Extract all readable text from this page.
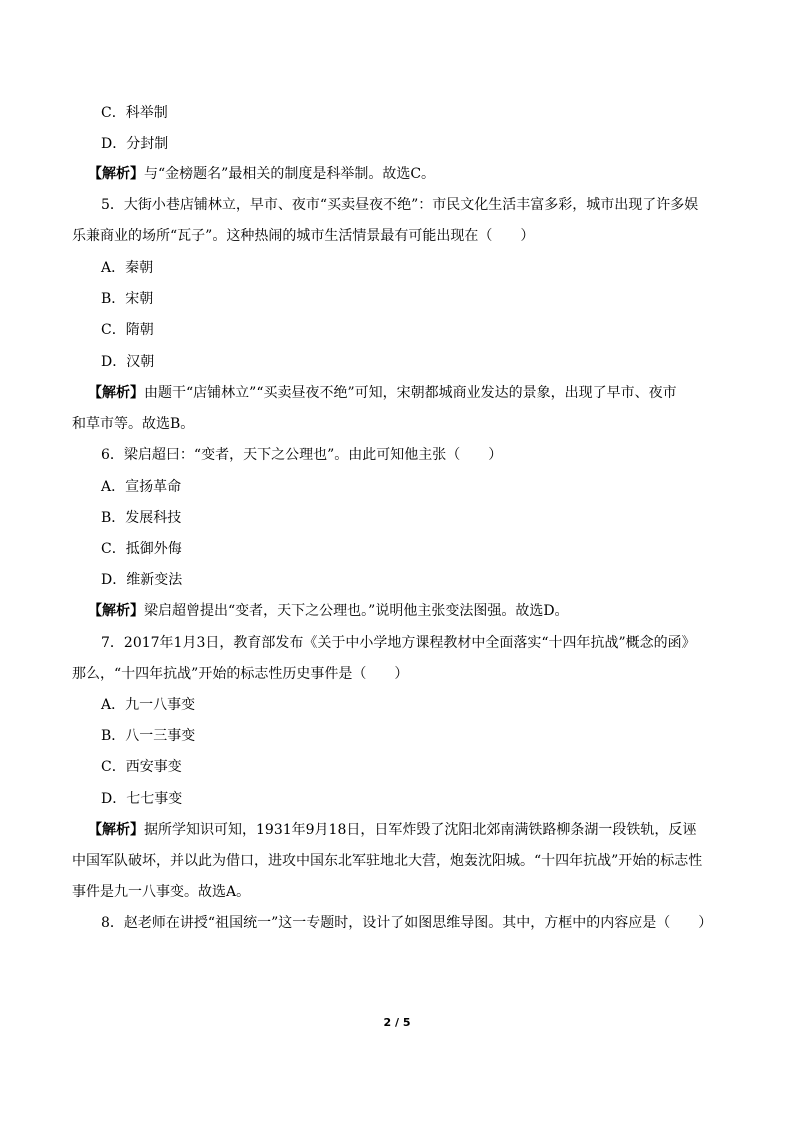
C．科举制
D．分封制
【解析】与“金榜题名”最相关的制度是科举制。故选C。
5．大街小巷店铺林立，早市、夜市“买卖昼夜不绝”：市民文化生活丰富多彩，城市出现了许多娱
乐兼商业的场所“瓦子”。这种热闹的城市生活情景最有可能出现在（　　）
A．秦朝
B．宋朝
C．隋朝
D．汉朝
【解析】由题干“店铺林立”“买卖昼夜不绝”可知，宋朝都城商业发达的景象，出现了早市、夜市
和草市等。故选B。
6．梁启超曰：“变者，天下之公理也”。由此可知他主张（　　）
A．宣扬革命
B．发展科技
C．抵御外侮
D．维新变法
【解析】梁启超曾提出“变者，天下之公理也。”说明他主张变法图强。故选D。
7．2017年1月3日，教育部发布《关于中小学地方课程教材中全面落实“十四年抗战”概念的函》
那么，“十四年抗战”开始的标志性历史事件是（　　）
A．九一八事变
B．八一三事变
C．西安事变
D．七七事变
【解析】据所学知识可知，1931年9月18日，日军炸毁了沈阳北郊南满铁路柳条湖一段铁轨，反诬
中国军队破坏，并以此为借口，进攻中国东北军驻地北大营，炮轰沈阳城。“十四年抗战”开始的标志性
事件是九一八事变。故选A。
8．赵老师在讲授“祖国统一”这一专题时，设计了如图思维导图。其中，方框中的内容应是（　　）
2 / 5
